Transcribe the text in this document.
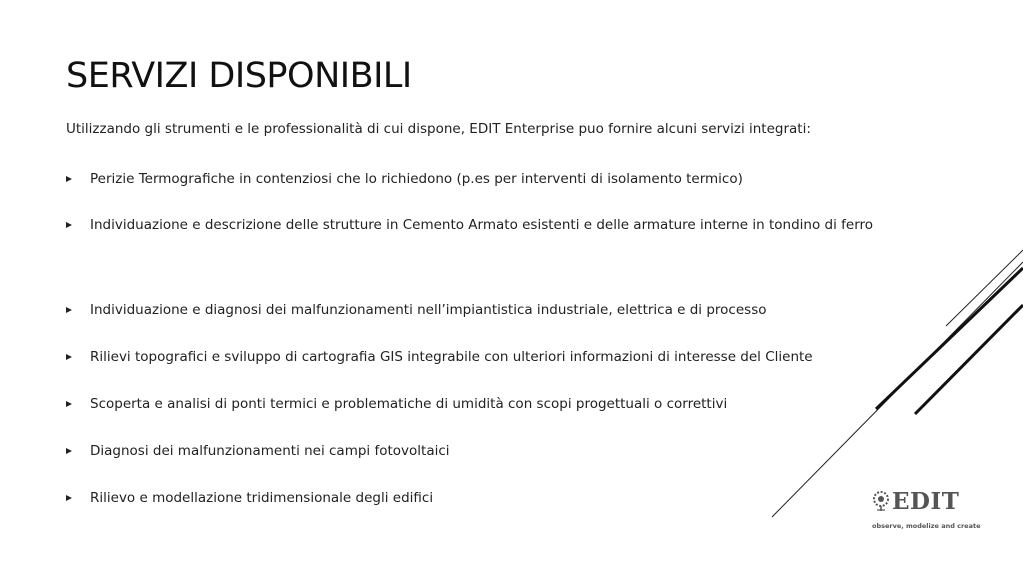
SERVIZI DISPONIBILI

Utilizzando gli strumenti e le professionalità di cui dispone, EDIT Enterprise puo fornire alcuni servizi integrati:

Perizie Termografiche in contenziosi che lo richiedono (p.es per interventi di isolamento termico)
Individuazione e descrizione delle strutture in Cemento Armato esistenti e delle armature interne in tondino di ferro
Individuazione e diagnosi dei malfunzionamenti nell’impiantistica industriale, elettrica e di processo
Rilievi topografici e sviluppo di cartografia GIS integrabile con ulteriori informazioni di interesse del Cliente
Scoperta e analisi di ponti termici e problematiche di umidità con scopi progettuali o correttivi
Diagnosi dei malfunzionamenti nei campi fotovoltaici
Rilievo e modellazione tridimensionale degli edifici	EDIT
observe, modelize and create
